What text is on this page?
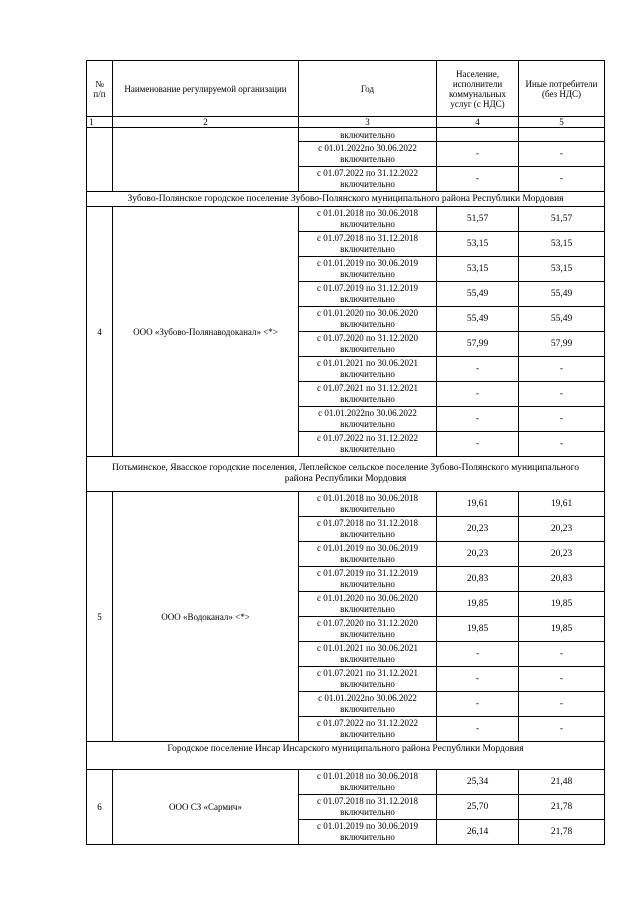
№
п/п	Наименование регулируемой организации	Год	Население, исполнители коммунальных услуг (с НДС)	Иные потребители (без НДС)
1	2	3	4	5
		включительно		
		с 01.01.2022по 30.06.2022 включительно	-	-
		с 01.07.2022 по 31.12.2022 включительно	-	-
Зубово-Полянское городское поселение Зубово-Полянского муниципального района Республики Мордовия				
4	ООО «Зубово-Полянаводоканал» <*>	с 01.01.2018 по 30.06.2018 включительно	51,57	51,57
		с 01.07.2018 по 31.12.2018 включительно	53,15	53,15
		с 01.01.2019 по 30.06.2019 включительно	53,15	53,15
		с 01.07.2019 по 31.12.2019 включительно	55,49	55,49
		с 01.01.2020 по 30.06.2020 включительно	55,49	55,49
		с 01.07.2020 по 31.12.2020 включительно	57,99	57,99
		с 01.01.2021 по 30.06.2021 включительно	-	-
		с 01.07.2021 по 31.12.2021 включительно	-	-
		с 01.01.2022по 30.06.2022 включительно	-	-
		с 01.07.2022 по 31.12.2022 включительно	-	-
Потьминское, Явасское городские поселения, Леплейское сельское поселение Зубово-Полянского муниципального района Республики Мордовия				
5	ООО «Водоканал» <*>	с 01.01.2018 по 30.06.2018 включительно	19,61	19,61
		с 01.07.2018 по 31.12.2018 включительно	20,23	20,23
		с 01.01.2019 по 30.06.2019 включительно	20,23	20,23
		с 01.07.2019 по 31.12.2019 включительно	20,83	20,83
		с 01.01.2020 по 30.06.2020 включительно	19,85	19,85
		с 01.07.2020 по 31.12.2020 включительно	19,85	19,85
		с 01.01.2021 по 30.06.2021 включительно	-	-
		с 01.07.2021 по 31.12.2021 включительно	-	-
		с 01.01.2022по 30.06.2022 включительно	-	-
		с 01.07.2022 по 31.12.2022 включительно	-	-
Городское поселение Инсар Инсарского муниципального района Республики Мордовия				
6	ООО СЗ «Сармич»	с 01.01.2018 по 30.06.2018 включительно	25,34	21,48
		с 01.07.2018 по 31.12.2018 включительно	25,70	21,78
		с 01.01.2019 по 30.06.2019 включительно	26,14	21,78
